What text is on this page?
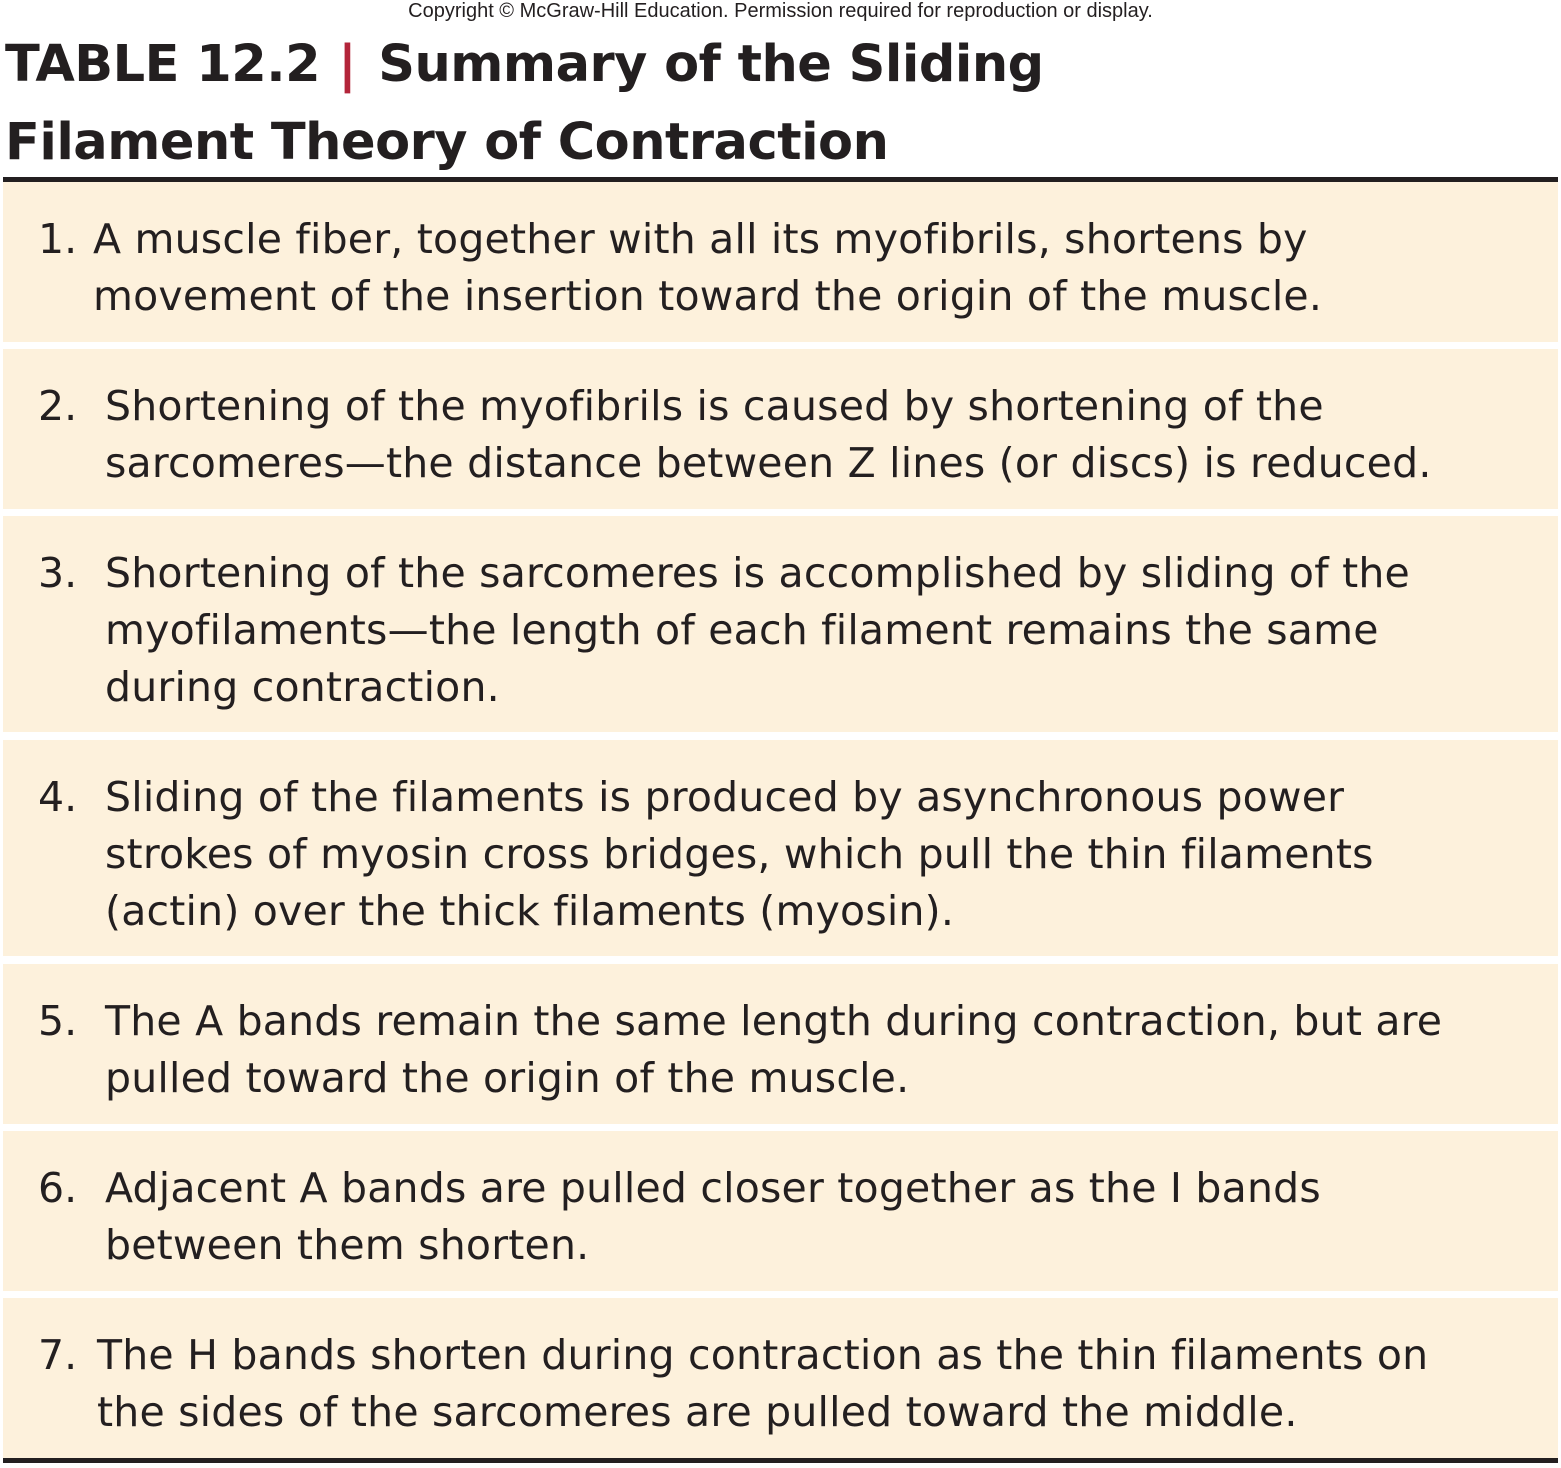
Copyright © McGraw-Hill Education. Permission required for reproduction or display.
TABLE 12.2 | Summary of the Sliding
Filament Theory of Contraction
1. A muscle fiber, together with all its myofibrils, shortens by
movement of the insertion toward the origin of the muscle.
2. Shortening of the myofibrils is caused by shortening of the
sarcomeres—the distance between Z lines (or discs) is reduced.
3. Shortening of the sarcomeres is accomplished by sliding of the
myofilaments—the length of each filament remains the same
during contraction.
4. Sliding of the filaments is produced by asynchronous power
strokes of myosin cross bridges, which pull the thin filaments
(actin) over the thick filaments (myosin).
5. The A bands remain the same length during contraction, but are
pulled toward the origin of the muscle.
6. Adjacent A bands are pulled closer together as the I bands
between them shorten.
7. The H bands shorten during contraction as the thin filaments on
the sides of the sarcomeres are pulled toward the middle.
